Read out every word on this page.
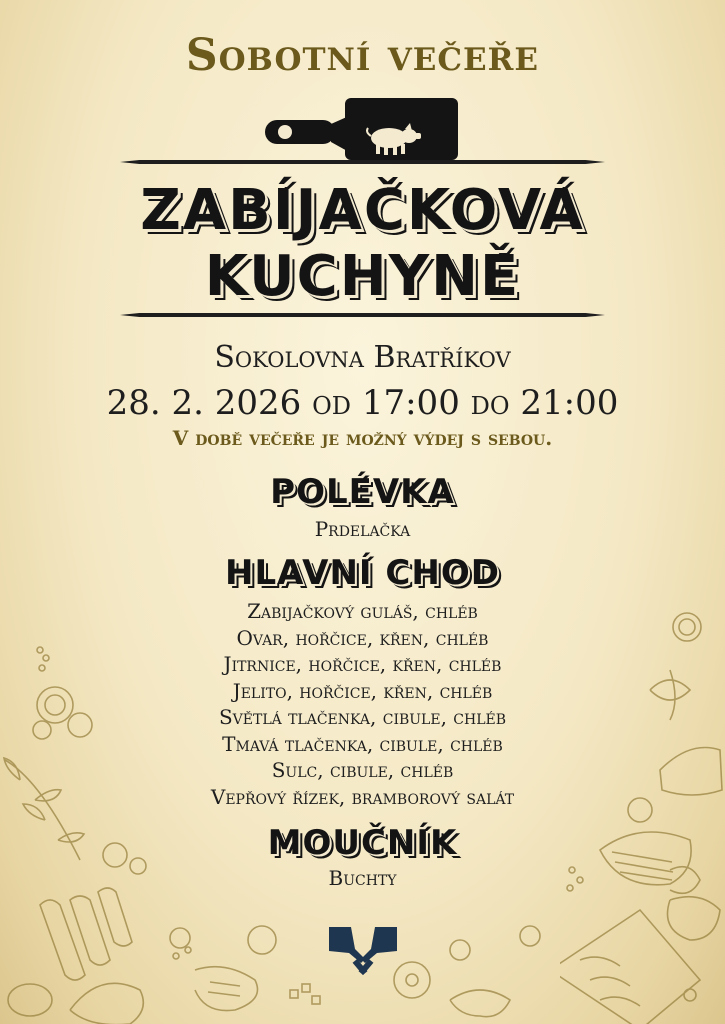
Sobotní večeře
ZABÍJAČKOVÁ
KUCHYNĚ
Sokolovna Bratříkov
28. 2. 2026 od 17:00 do 21:00
V době večeře je možný výdej s sebou.
POLÉVKA
Prdelačka
HLAVNÍ CHOD
Zabijačkový guláš, chléb
Ovar, hořčice, křen, chléb
Jitrnice, hořčice, křen, chléb
Jelito, hořčice, křen, chléb
Světlá tlačenka, cibule, chléb
Tmavá tlačenka, cibule, chléb
Sulc, cibule, chléb
Vepřový řízek, bramborový salát
MOUČNÍK
Buchty
